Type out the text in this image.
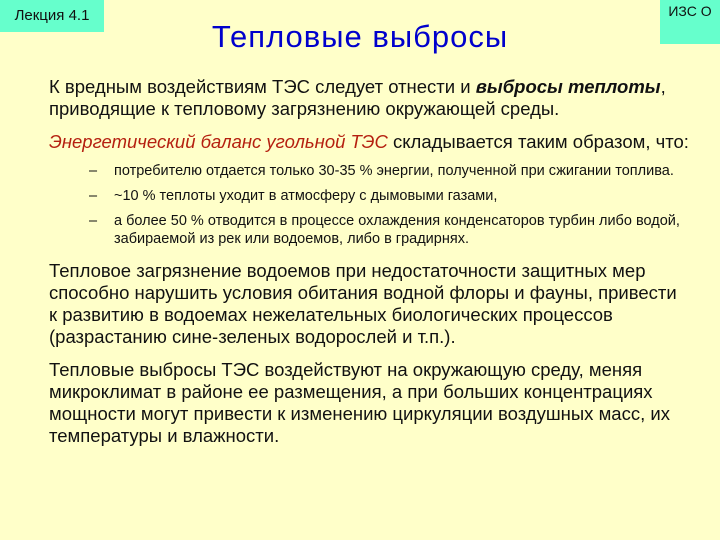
Лекция 4.1	ИЗС О
Тепловые выбросы

К вредным воздействиям ТЭС следует отнести и выбросы теплоты, приводящие к тепловому загрязнению окружающей среды.

Энергетический баланс угольной ТЭС складывается таким образом, что:

– потребителю отдается только 30-35 % энергии, полученной при сжигании топлива.
– ~10 % теплоты уходит в атмосферу с дымовыми газами,
– а более 50 % отводится в процессе охлаждения конденсаторов турбин либо водой, забираемой из рек или водоемов, либо в градирнях.

Тепловое загрязнение водоемов при недостаточности защитных мер способно нарушить условия обитания водной флоры и фауны, привести к развитию в водоемах нежелательных биологических процессов (разрастанию сине-зеленых водорослей и т.п.).

Тепловые выбросы ТЭС воздействуют на окружающую среду, меняя микроклимат в районе ее размещения, а при больших концентрациях мощности могут привести к изменению циркуляции воздушных масс, их температуры и влажности.
